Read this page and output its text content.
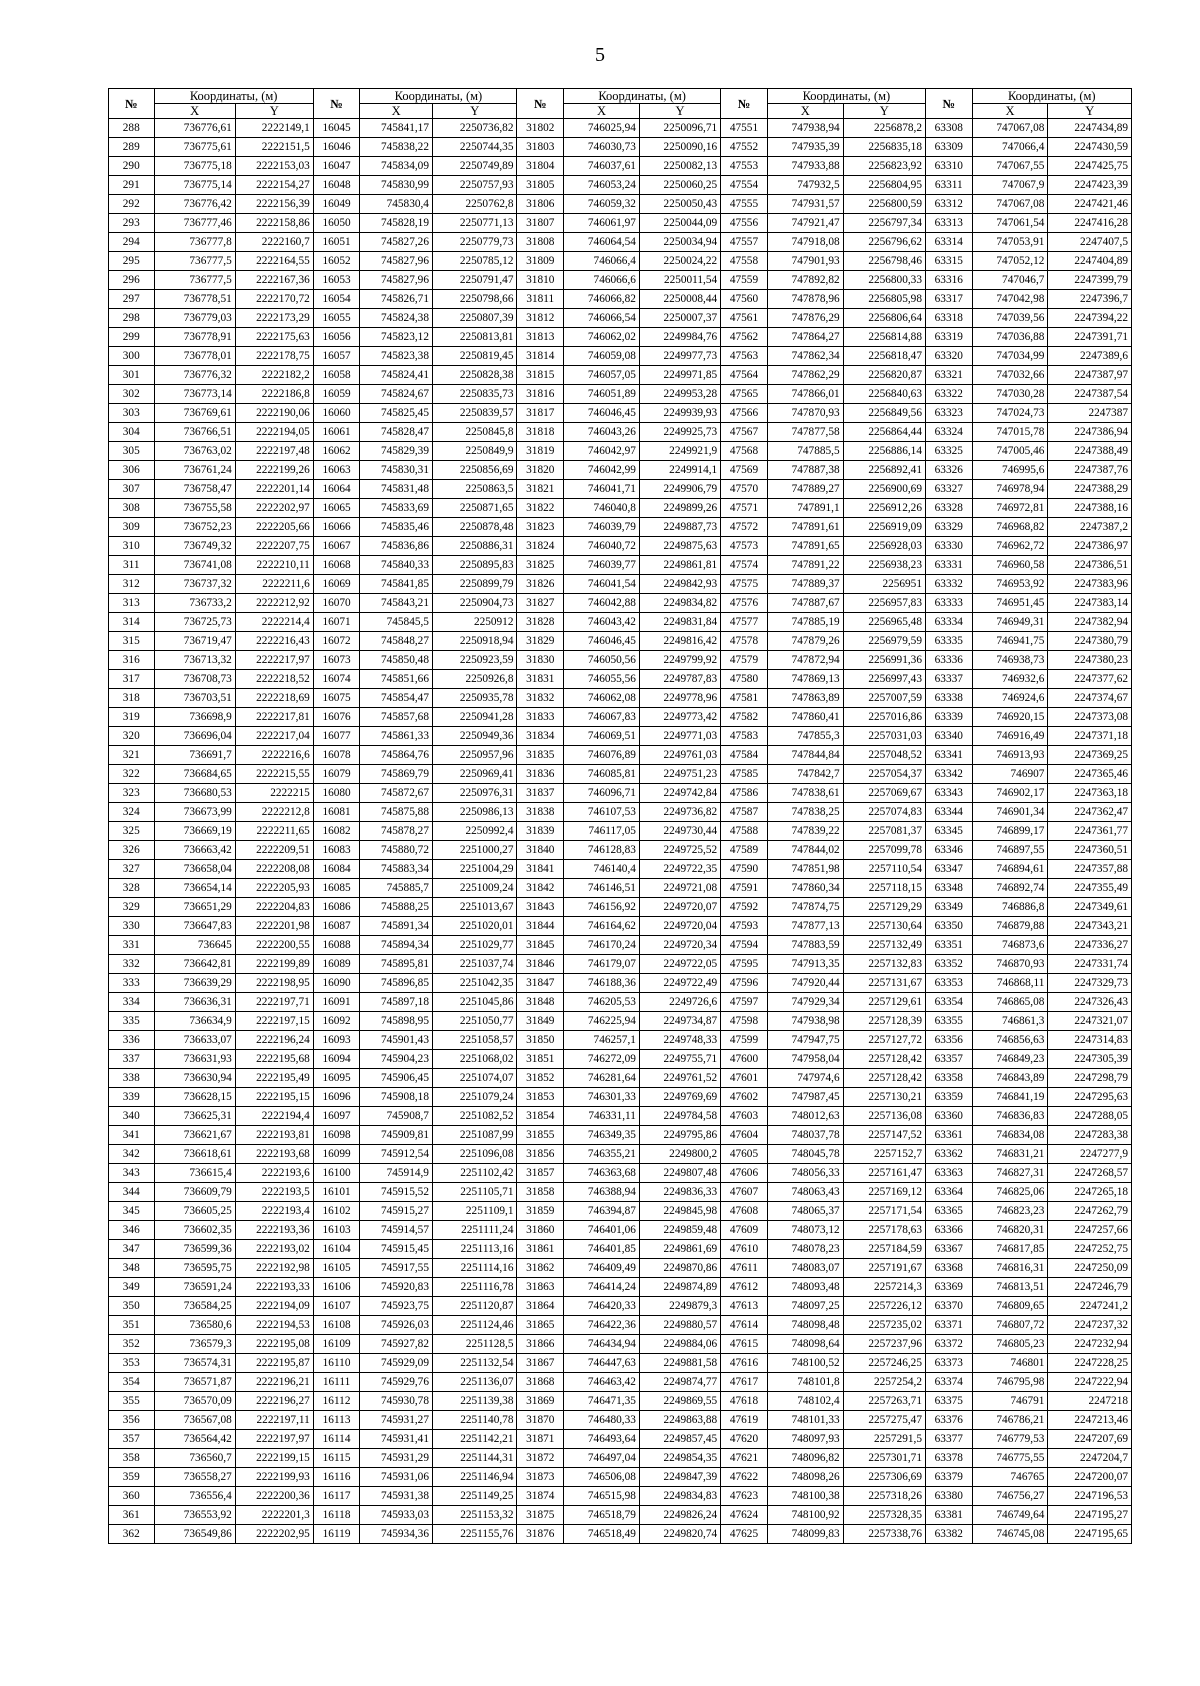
5
№	Координаты, (м)		№	Координаты, (м)		№	Координаты, (м)		№	Координаты, (м)		№	Координаты, (м)	
	X	Y		X	Y		X	Y		X	Y		X	Y
288	736776,61	2222149,1	16045	745841,17	2250736,82	31802	746025,94	2250096,71	47551	747938,94	2256878,2	63308	747067,08	2247434,89
289	736775,61	2222151,5	16046	745838,22	2250744,35	31803	746030,73	2250090,16	47552	747935,39	2256835,18	63309	747066,4	2247430,59
290	736775,18	2222153,03	16047	745834,09	2250749,89	31804	746037,61	2250082,13	47553	747933,88	2256823,92	63310	747067,55	2247425,75
291	736775,14	2222154,27	16048	745830,99	2250757,93	31805	746053,24	2250060,25	47554	747932,5	2256804,95	63311	747067,9	2247423,39
292	736776,42	2222156,39	16049	745830,4	2250762,8	31806	746059,32	2250050,43	47555	747931,57	2256800,59	63312	747067,08	2247421,46
293	736777,46	2222158,86	16050	745828,19	2250771,13	31807	746061,97	2250044,09	47556	747921,47	2256797,34	63313	747061,54	2247416,28
294	736777,8	2222160,7	16051	745827,26	2250779,73	31808	746064,54	2250034,94	47557	747918,08	2256796,62	63314	747053,91	2247407,5
295	736777,5	2222164,55	16052	745827,96	2250785,12	31809	746066,4	2250024,22	47558	747901,93	2256798,46	63315	747052,12	2247404,89
296	736777,5	2222167,36	16053	745827,96	2250791,47	31810	746066,6	2250011,54	47559	747892,82	2256800,33	63316	747046,7	2247399,79
297	736778,51	2222170,72	16054	745826,71	2250798,66	31811	746066,82	2250008,44	47560	747878,96	2256805,98	63317	747042,98	2247396,7
298	736779,03	2222173,29	16055	745824,38	2250807,39	31812	746066,54	2250007,37	47561	747876,29	2256806,64	63318	747039,56	2247394,22
299	736778,91	2222175,63	16056	745823,12	2250813,81	31813	746062,02	2249984,76	47562	747864,27	2256814,88	63319	747036,88	2247391,71
300	736778,01	2222178,75	16057	745823,38	2250819,45	31814	746059,08	2249977,73	47563	747862,34	2256818,47	63320	747034,99	2247389,6
301	736776,32	2222182,2	16058	745824,41	2250828,38	31815	746057,05	2249971,85	47564	747862,29	2256820,87	63321	747032,66	2247387,97
302	736773,14	2222186,8	16059	745824,67	2250835,73	31816	746051,89	2249953,28	47565	747866,01	2256840,63	63322	747030,28	2247387,54
303	736769,61	2222190,06	16060	745825,45	2250839,57	31817	746046,45	2249939,93	47566	747870,93	2256849,56	63323	747024,73	2247387
304	736766,51	2222194,05	16061	745828,47	2250845,8	31818	746043,26	2249925,73	47567	747877,58	2256864,44	63324	747015,78	2247386,94
305	736763,02	2222197,48	16062	745829,39	2250849,9	31819	746042,97	2249921,9	47568	747885,5	2256886,14	63325	747005,46	2247388,49
306	736761,24	2222199,26	16063	745830,31	2250856,69	31820	746042,99	2249914,1	47569	747887,38	2256892,41	63326	746995,6	2247387,76
307	736758,47	2222201,14	16064	745831,48	2250863,5	31821	746041,71	2249906,79	47570	747889,27	2256900,69	63327	746978,94	2247388,29
308	736755,58	2222202,97	16065	745833,69	2250871,65	31822	746040,8	2249899,26	47571	747891,1	2256912,26	63328	746972,81	2247388,16
309	736752,23	2222205,66	16066	745835,46	2250878,48	31823	746039,79	2249887,73	47572	747891,61	2256919,09	63329	746968,82	2247387,2
310	736749,32	2222207,75	16067	745836,86	2250886,31	31824	746040,72	2249875,63	47573	747891,65	2256928,03	63330	746962,72	2247386,97
311	736741,08	2222210,11	16068	745840,33	2250895,83	31825	746039,77	2249861,81	47574	747891,22	2256938,23	63331	746960,58	2247386,51
312	736737,32	2222211,6	16069	745841,85	2250899,79	31826	746041,54	2249842,93	47575	747889,37	2256951	63332	746953,92	2247383,96
313	736733,2	2222212,92	16070	745843,21	2250904,73	31827	746042,88	2249834,82	47576	747887,67	2256957,83	63333	746951,45	2247383,14
314	736725,73	2222214,4	16071	745845,5	2250912	31828	746043,42	2249831,84	47577	747885,19	2256965,48	63334	746949,31	2247382,94
315	736719,47	2222216,43	16072	745848,27	2250918,94	31829	746046,45	2249816,42	47578	747879,26	2256979,59	63335	746941,75	2247380,79
316	736713,32	2222217,97	16073	745850,48	2250923,59	31830	746050,56	2249799,92	47579	747872,94	2256991,36	63336	746938,73	2247380,23
317	736708,73	2222218,52	16074	745851,66	2250926,8	31831	746055,56	2249787,83	47580	747869,13	2256997,43	63337	746932,6	2247377,62
318	736703,51	2222218,69	16075	745854,47	2250935,78	31832	746062,08	2249778,96	47581	747863,89	2257007,59	63338	746924,6	2247374,67
319	736698,9	2222217,81	16076	745857,68	2250941,28	31833	746067,83	2249773,42	47582	747860,41	2257016,86	63339	746920,15	2247373,08
320	736696,04	2222217,04	16077	745861,33	2250949,36	31834	746069,51	2249771,03	47583	747855,3	2257031,03	63340	746916,49	2247371,18
321	736691,7	2222216,6	16078	745864,76	2250957,96	31835	746076,89	2249761,03	47584	747844,84	2257048,52	63341	746913,93	2247369,25
322	736684,65	2222215,55	16079	745869,79	2250969,41	31836	746085,81	2249751,23	47585	747842,7	2257054,37	63342	746907	2247365,46
323	736680,53	2222215	16080	745872,67	2250976,31	31837	746096,71	2249742,84	47586	747838,61	2257069,67	63343	746902,17	2247363,18
324	736673,99	2222212,8	16081	745875,88	2250986,13	31838	746107,53	2249736,82	47587	747838,25	2257074,83	63344	746901,34	2247362,47
325	736669,19	2222211,65	16082	745878,27	2250992,4	31839	746117,05	2249730,44	47588	747839,22	2257081,37	63345	746899,17	2247361,77
326	736663,42	2222209,51	16083	745880,72	2251000,27	31840	746128,83	2249725,52	47589	747844,02	2257099,78	63346	746897,55	2247360,51
327	736658,04	2222208,08	16084	745883,34	2251004,29	31841	746140,4	2249722,35	47590	747851,98	2257110,54	63347	746894,61	2247357,88
328	736654,14	2222205,93	16085	745885,7	2251009,24	31842	746146,51	2249721,08	47591	747860,34	2257118,15	63348	746892,74	2247355,49
329	736651,29	2222204,83	16086	745888,25	2251013,67	31843	746156,92	2249720,07	47592	747874,75	2257129,29	63349	746886,8	2247349,61
330	736647,83	2222201,98	16087	745891,34	2251020,01	31844	746164,62	2249720,04	47593	747877,13	2257130,64	63350	746879,88	2247343,21
331	736645	2222200,55	16088	745894,34	2251029,77	31845	746170,24	2249720,34	47594	747883,59	2257132,49	63351	746873,6	2247336,27
332	736642,81	2222199,89	16089	745895,81	2251037,74	31846	746179,07	2249722,05	47595	747913,35	2257132,83	63352	746870,93	2247331,74
333	736639,29	2222198,95	16090	745896,85	2251042,35	31847	746188,36	2249722,49	47596	747920,44	2257131,67	63353	746868,11	2247329,73
334	736636,31	2222197,71	16091	745897,18	2251045,86	31848	746205,53	2249726,6	47597	747929,34	2257129,61	63354	746865,08	2247326,43
335	736634,9	2222197,15	16092	745898,95	2251050,77	31849	746225,94	2249734,87	47598	747938,98	2257128,39	63355	746861,3	2247321,07
336	736633,07	2222196,24	16093	745901,43	2251058,57	31850	746257,1	2249748,33	47599	747947,75	2257127,72	63356	746856,63	2247314,83
337	736631,93	2222195,68	16094	745904,23	2251068,02	31851	746272,09	2249755,71	47600	747958,04	2257128,42	63357	746849,23	2247305,39
338	736630,94	2222195,49	16095	745906,45	2251074,07	31852	746281,64	2249761,52	47601	747974,6	2257128,42	63358	746843,89	2247298,79
339	736628,15	2222195,15	16096	745908,18	2251079,24	31853	746301,33	2249769,69	47602	747987,45	2257130,21	63359	746841,19	2247295,63
340	736625,31	2222194,4	16097	745908,7	2251082,52	31854	746331,11	2249784,58	47603	748012,63	2257136,08	63360	746836,83	2247288,05
341	736621,67	2222193,81	16098	745909,81	2251087,99	31855	746349,35	2249795,86	47604	748037,78	2257147,52	63361	746834,08	2247283,38
342	736618,61	2222193,68	16099	745912,54	2251096,08	31856	746355,21	2249800,2	47605	748045,78	2257152,7	63362	746831,21	2247277,9
343	736615,4	2222193,6	16100	745914,9	2251102,42	31857	746363,68	2249807,48	47606	748056,33	2257161,47	63363	746827,31	2247268,57
344	736609,79	2222193,5	16101	745915,52	2251105,71	31858	746388,94	2249836,33	47607	748063,43	2257169,12	63364	746825,06	2247265,18
345	736605,25	2222193,4	16102	745915,27	2251109,1	31859	746394,87	2249845,98	47608	748065,37	2257171,54	63365	746823,23	2247262,79
346	736602,35	2222193,36	16103	745914,57	2251111,24	31860	746401,06	2249859,48	47609	748073,12	2257178,63	63366	746820,31	2247257,66
347	736599,36	2222193,02	16104	745915,45	2251113,16	31861	746401,85	2249861,69	47610	748078,23	2257184,59	63367	746817,85	2247252,75
348	736595,75	2222192,98	16105	745917,55	2251114,16	31862	746409,49	2249870,86	47611	748083,07	2257191,67	63368	746816,31	2247250,09
349	736591,24	2222193,33	16106	745920,83	2251116,78	31863	746414,24	2249874,89	47612	748093,48	2257214,3	63369	746813,51	2247246,79
350	736584,25	2222194,09	16107	745923,75	2251120,87	31864	746420,33	2249879,3	47613	748097,25	2257226,12	63370	746809,65	2247241,2
351	736580,6	2222194,53	16108	745926,03	2251124,46	31865	746422,36	2249880,57	47614	748098,48	2257235,02	63371	746807,72	2247237,32
352	736579,3	2222195,08	16109	745927,82	2251128,5	31866	746434,94	2249884,06	47615	748098,64	2257237,96	63372	746805,23	2247232,94
353	736574,31	2222195,87	16110	745929,09	2251132,54	31867	746447,63	2249881,58	47616	748100,52	2257246,25	63373	746801	2247228,25
354	736571,87	2222196,21	16111	745929,76	2251136,07	31868	746463,42	2249874,77	47617	748101,8	2257254,2	63374	746795,98	2247222,94
355	736570,09	2222196,27	16112	745930,78	2251139,38	31869	746471,35	2249869,55	47618	748102,4	2257263,71	63375	746791	2247218
356	736567,08	2222197,11	16113	745931,27	2251140,78	31870	746480,33	2249863,88	47619	748101,33	2257275,47	63376	746786,21	2247213,46
357	736564,42	2222197,97	16114	745931,41	2251142,21	31871	746493,64	2249857,45	47620	748097,93	2257291,5	63377	746779,53	2247207,69
358	736560,7	2222199,15	16115	745931,29	2251144,31	31872	746497,04	2249854,35	47621	748096,82	2257301,71	63378	746775,55	2247204,7
359	736558,27	2222199,93	16116	745931,06	2251146,94	31873	746506,08	2249847,39	47622	748098,26	2257306,69	63379	746765	2247200,07
360	736556,4	2222200,36	16117	745931,38	2251149,25	31874	746515,98	2249834,83	47623	748100,38	2257318,26	63380	746756,27	2247196,53
361	736553,92	2222201,3	16118	745933,03	2251153,32	31875	746518,79	2249826,24	47624	748100,92	2257328,35	63381	746749,64	2247195,27
362	736549,86	2222202,95	16119	745934,36	2251155,76	31876	746518,49	2249820,74	47625	748099,83	2257338,76	63382	746745,08	2247195,65
